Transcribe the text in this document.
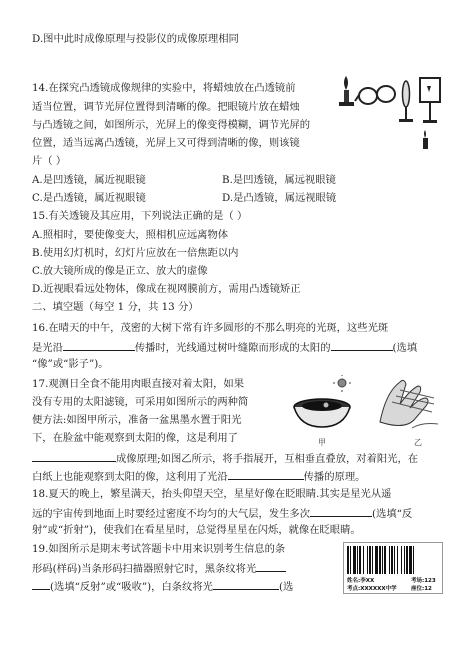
D.图中此时成像原理与投影仪的成像原理相同
14.在探究凸透镜成像规律的实验中，将蜡烛放在凸透镜前
适当位置，调节光屏位置得到清晰的像。把眼镜片放在蜡烛
与凸透镜之间，如图所示，光屏上的像变得模糊，调节光屏的
位置，适当远离凸透镜，光屏上又可得到清晰的像，则该镜
片（ ）
A.是凹透镜，属近视眼镜	B.是凹透镜，属远视眼镜
C.是凸透镜，属近视眼镜	D.是凸透镜，属远视眼镜
15.有关透镜及其应用，下列说法正确的是（ ）
A.照相时，要使像变大，照相机应远离物体
B.使用幻灯机时，幻灯片应放在一倍焦距以内
C.放大镜所成的像是正立、放大的虚像
D.近视眼看远处物体，像成在视网膜前方，需用凸透镜矫正
二、填空题（每空 1 分，共 13 分）
16.在晴天的中午，茂密的大树下常有许多圆形的不那么明亮的光斑，这些光斑
是光沿	传播时，光线通过树叶缝隙而形成的太阳的	(选填
“像”或“影子”)。
17.观测日全食不能用肉眼直接对着太阳，如果
没有专用的太阳滤镜，可采用如图所示的两种简
便方法:如图甲所示，准备一盆黑墨水置于阳光
下，在脸盆中能观察到太阳的像，这是利用了
成像原理;如图乙所示，将手指展开，互相垂直叠放，对着阳光，在
白纸上也能观察到太阳的像，这利用了光沿	传播的原理。
甲	乙
18.夏天的晚上，繁星满天，抬头仰望天空，星星好像在眨眼睛.其实是星光从遥
远的宇宙传到地面上时要经过密度不均匀的大气层，发生多次	(选填“反
射”或“折射”)，使我们在看星星时，总觉得星星在闪烁，就像在眨眼睛。
19.如图所示是期末考试答题卡中用来识别考生信息的条
形码(样码)当条形码扫描器照射它时，黑条纹将光
(选填“反射”或“吸收”)，白条纹将光	(选	姓名:李XX
考点:XXXXXX中学
考场:123
座位:12
